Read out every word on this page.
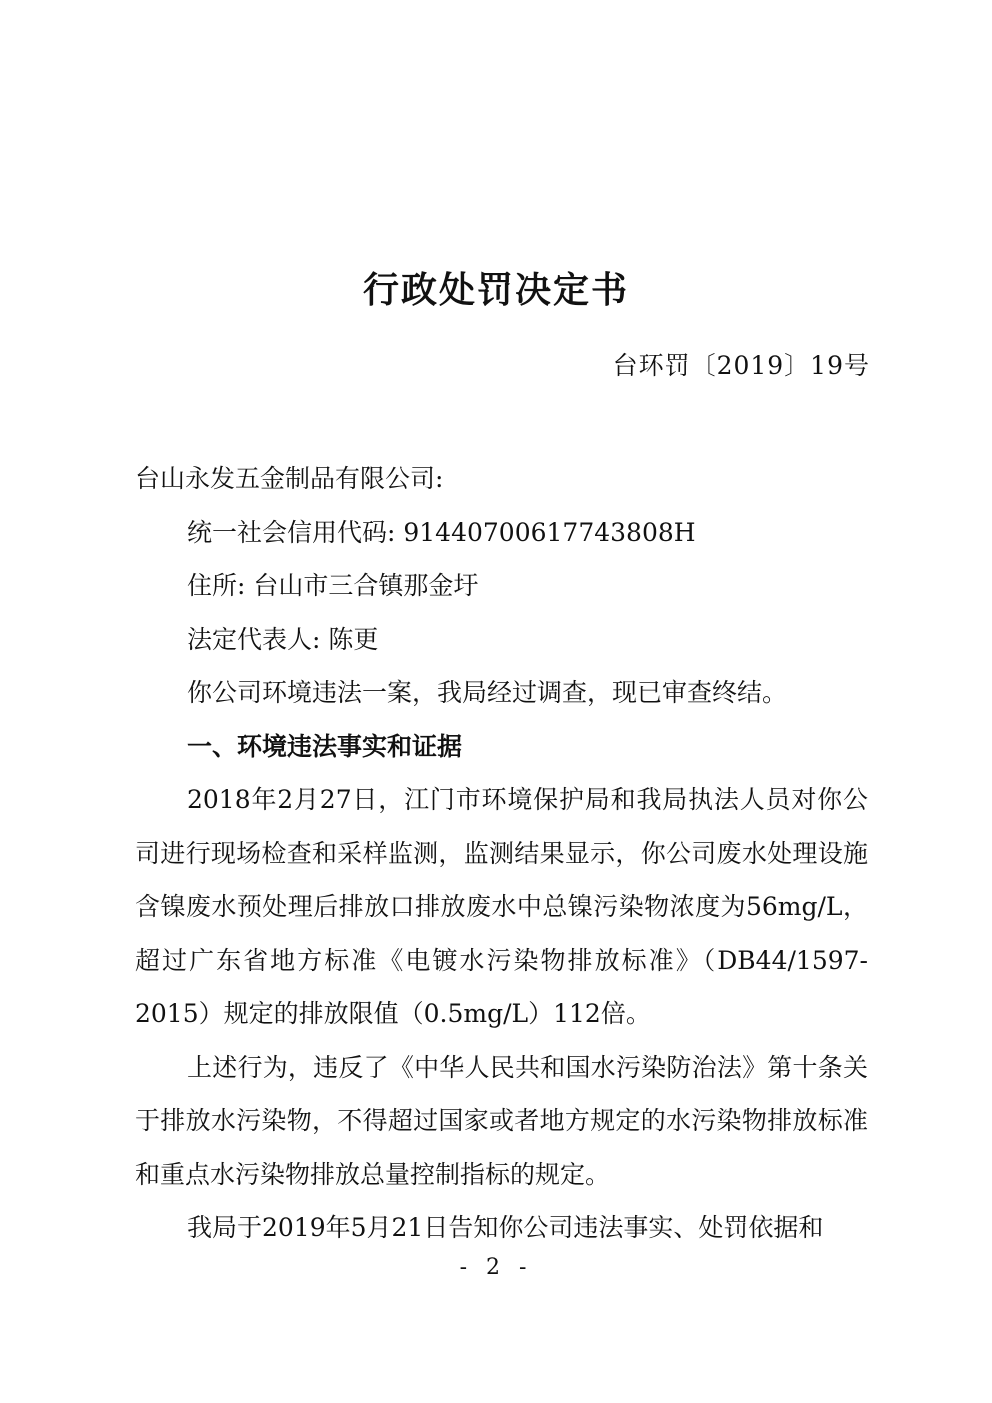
行政处罚决定书
台环罚〔2019〕19号

台山永发五金制品有限公司:

统一社会信用代码: 91440700617743808H

住所: 台山市三合镇那金圩

法定代表人: 陈更

你公司环境违法一案，我局经过调查，现已审查终结。

一、环境违法事实和证据

2018年2月27日，江门市环境保护局和我局执法人员对你公司进行现场检查和采样监测，监测结果显示，你公司废水处理设施含镍废水预处理后排放口排放废水中总镍污染物浓度为56mg/L，超过广东省地方标准《电镀水污染物排放标准》（DB44/1597-2015）规定的排放限值（0.5mg/L）112倍。

上述行为，违反了《中华人民共和国水污染防治法》第十条关于排放水污染物，不得超过国家或者地方规定的水污染物排放标准和重点水污染物排放总量控制指标的规定。

我局于2019年5月21日告知你公司违法事实、处罚依据和

- 2 -
